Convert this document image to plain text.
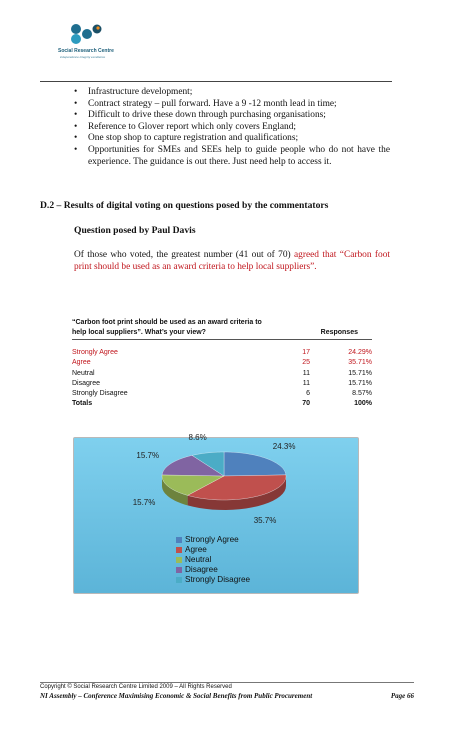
Social Research Centre
independence integrity excellence
• Infrastructure development;
• Contract strategy – pull forward. Have a 9 -12 month lead in time;
• Difficult to drive these down through purchasing organisations;
• Reference to Glover report which only covers England;
• One stop shop to capture registration and qualifications;
• Opportunities for SMEs and SEEs help to guide people who do not have the experience. The guidance is out there. Just need help to access it.
D.2 – Results of digital voting on questions posed by the commentators
Question posed by Paul Davis
Of those who voted, the greatest number (41 out of 70) agreed that “Carbon foot print should be used as an award criteria to help local suppliers”.
“Carbon foot print should be used as an award criteria to
help local suppliers”. What’s your view?	Responses
Strongly Agree	17	24.29%
Agree	25	35.71%
Neutral	11	15.71%
Disagree	11	15.71%
Strongly Disagree	6	8.57%
Totals	70	100%
24.3%
35.7%
15.7%
15.7%
8.6%
Strongly Agree
Agree
Neutral
Disagree
Strongly Disagree
Copyright © Social Research Centre Limited 2009 – All Rights Reserved
NI Assembly – Conference Maximising Economic & Social Benefits from Public Procurement	Page 66
